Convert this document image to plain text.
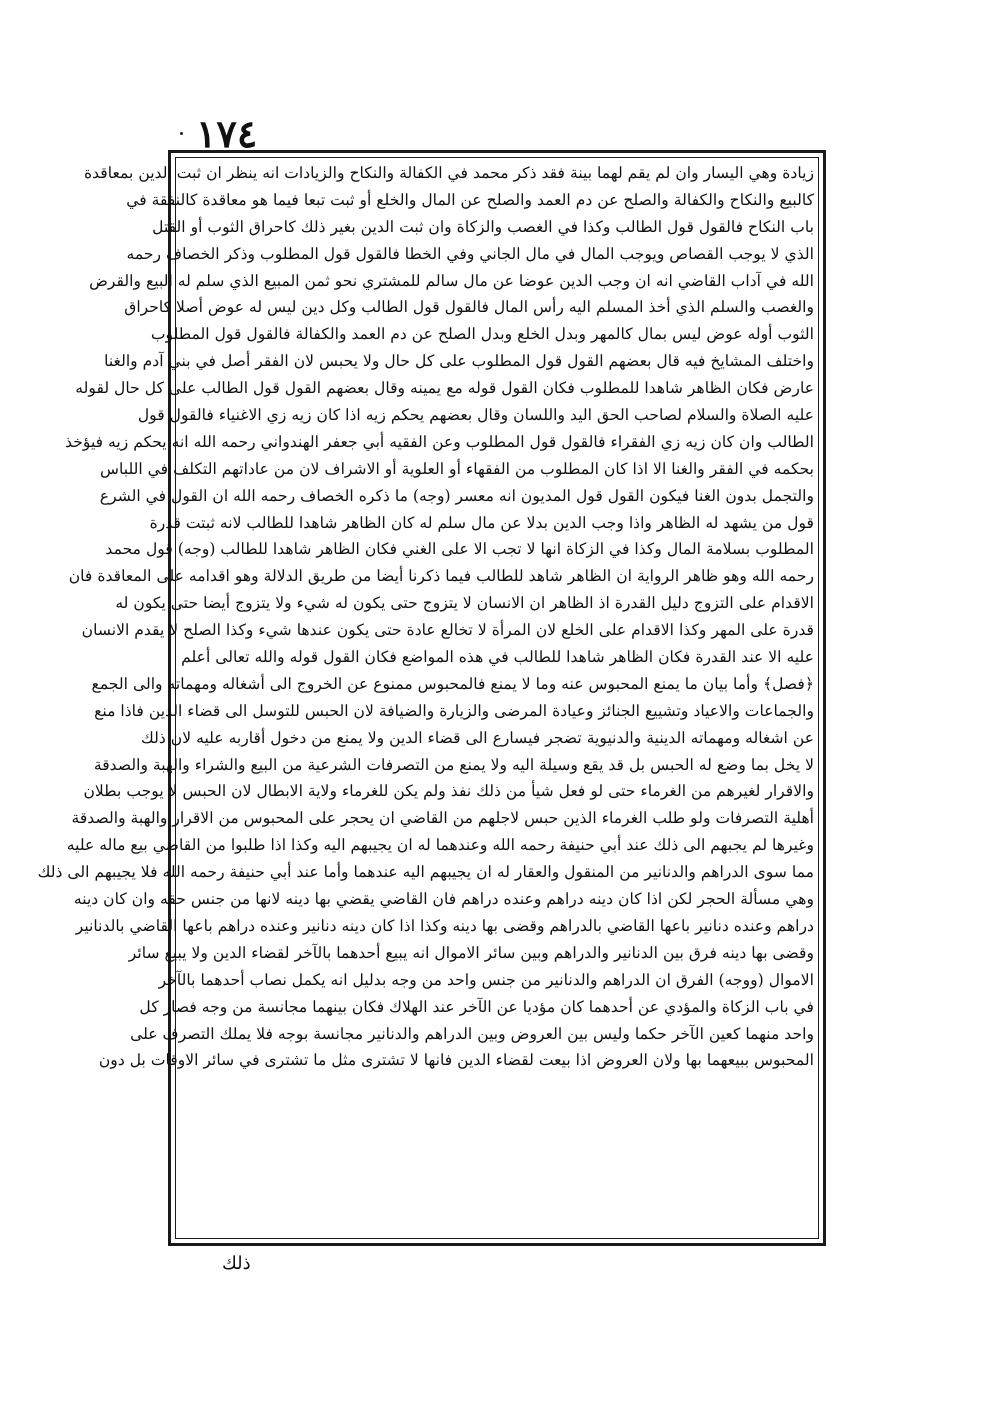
١٧٤
زيادة وهي اليسار وان لم يقم لهما بينة فقد ذكر محمد في الكفالة والنكاح والزيادات انه ينظر ان ثبت الدين بمعاقدة
كالبيع والنكاح والكفالة والصلح عن دم العمد والصلح عن المال والخلع أو ثبت تبعا فيما هو معاقدة كالنفقة في
باب النكاح فالقول قول الطالب وكذا في الغصب والزكاة وان ثبت الدين بغير ذلك كاحراق الثوب أو القتل
الذي لا يوجب القصاص ويوجب المال في مال الجاني وفي الخطا فالقول قول المطلوب وذكر الخصاف رحمه
الله في آداب القاضي انه ان وجب الدين عوضا عن مال سالم للمشتري نحو ثمن المبيع الذي سلم له البيع والقرض
والغصب والسلم الذي أخذ المسلم اليه رأس المال فالقول قول الطالب وكل دين ليس له عوض أصلا كاحراق
الثوب أوله عوض ليس بمال كالمهر وبدل الخلع وبدل الصلح عن دم العمد والكفالة فالقول قول المطلوب
واختلف المشايخ فيه قال بعضهم القول قول المطلوب على كل حال ولا يحبس لان الفقر أصل في بني آدم والغنا
عارض فكان الظاهر شاهدا للمطلوب فكان القول قوله مع يمينه وقال بعضهم القول قول الطالب على كل حال لقوله
عليه الصلاة والسلام لصاحب الحق اليد واللسان وقال بعضهم يحكم زيه اذا كان زيه زي الاغنياء فالقول قول
الطالب وان كان زيه زي الفقراء فالقول قول المطلوب وعن الفقيه أبي جعفر الهندواني رحمه الله انه يحكم زيه فيؤخذ
بحكمه في الفقر والغنا الا اذا كان المطلوب من الفقهاء أو العلوية أو الاشراف لان من عاداتهم التكلف في اللباس
والتجمل بدون الغنا فيكون القول قول المديون انه معسر (وجه) ما ذكره الخصاف رحمه الله ان القول في الشرع
قول من يشهد له الظاهر واذا وجب الدين بدلا عن مال سلم له كان الظاهر شاهدا للطالب لانه ثبتت قدرة
المطلوب بسلامة المال وكذا في الزكاة انها لا تجب الا على الغني فكان الظاهر شاهدا للطالب (وجه) قول محمد
رحمه الله وهو ظاهر الرواية ان الظاهر شاهد للطالب فيما ذكرنا أيضا من طريق الدلالة وهو اقدامه على المعاقدة فان
الاقدام على التزوج دليل القدرة اذ الظاهر ان الانسان لا يتزوج حتى يكون له شيء ولا يتزوج أيضا حتى يكون له
قدرة على المهر وكذا الاقدام على الخلع لان المرأة لا تخالع عادة حتى يكون عندها شيء وكذا الصلح لا يقدم الانسان
عليه الا عند القدرة فكان الظاهر شاهدا للطالب في هذه المواضع فكان القول قوله والله تعالى أعلم
﴿فصل﴾ وأما بيان ما يمنع المحبوس عنه وما لا يمنع فالمحبوس ممنوع عن الخروج الى أشغاله ومهماته والى الجمع
والجماعات والاعياد وتشييع الجنائز وعيادة المرضى والزيارة والضيافة لان الحبس للتوسل الى قضاء الدين فاذا منع
عن اشغاله ومهماته الدينية والدنيوية تضجر فيسارع الى قضاء الدين ولا يمنع من دخول أقاربه عليه لان ذلك
لا يخل بما وضع له الحبس بل قد يقع وسيلة اليه ولا يمنع من التصرفات الشرعية من البيع والشراء والهبة والصدقة
والاقرار لغيرهم من الغرماء حتى لو فعل شيأ من ذلك نفذ ولم يكن للغرماء ولاية الابطال لان الحبس لا يوجب بطلان
أهلية التصرفات ولو طلب الغرماء الذين حبس لاجلهم من القاضي ان يحجر على المحبوس من الاقرار والهبة والصدقة
وغيرها لم يجبهم الى ذلك عند أبي حنيفة رحمه الله وعندهما له ان يجيبهم اليه وكذا اذا طلبوا من القاضي بيع ماله عليه
مما سوى الدراهم والدنانير من المنقول والعقار له ان يجيبهم اليه عندهما وأما عند أبي حنيفة رحمه الله فلا يجيبهم الى ذلك
وهي مسألة الحجر لكن اذا كان دينه دراهم وعنده دراهم فان القاضي يقضي بها دينه لانها من جنس حقه وان كان دينه
دراهم وعنده دنانير باعها القاضي بالدراهم وقضى بها دينه وكذا اذا كان دينه دنانير وعنده دراهم باعها القاضي بالدنانير
وقضى بها دينه فرق بين الدنانير والدراهم وبين سائر الاموال انه يبيع أحدهما بالآخر لقضاء الدين ولا يبيع سائر
الاموال (ووجه) الفرق ان الدراهم والدنانير من جنس واحد من وجه بدليل انه يكمل نصاب أحدهما بالآخر
في باب الزكاة والمؤدي عن أحدهما كان مؤديا عن الآخر عند الهلاك فكان بينهما مجانسة من وجه فصار كل
واحد منهما كعين الآخر حكما وليس بين العروض وبين الدراهم والدنانير مجانسة بوجه فلا يملك التصرف على
المحبوس ببيعهما بها ولان العروض اذا بيعت لقضاء الدين فانها لا تشترى مثل ما تشترى في سائر الاوقات بل دون
ذلك
